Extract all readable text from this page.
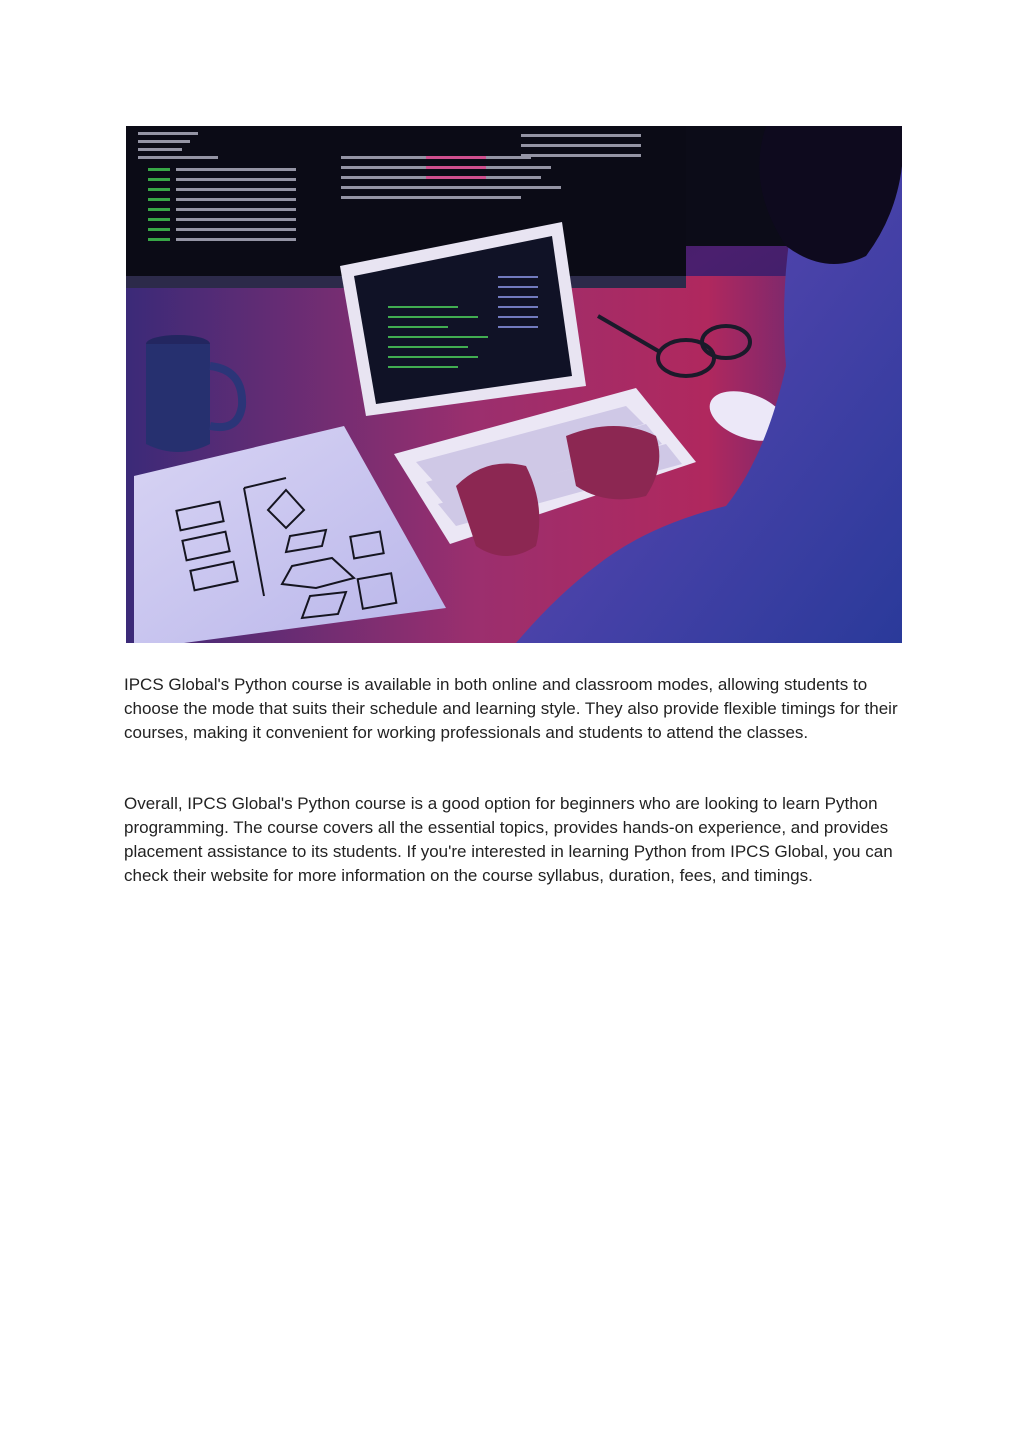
IPCS Global's Python course is available in both online and classroom modes, allowing students to choose the mode that suits their schedule and learning style. They also provide flexible timings for their courses, making it convenient for working professionals and students to attend the classes.

Overall, IPCS Global's Python course is a good option for beginners who are looking to learn Python programming. The course covers all the essential topics, provides hands-on experience, and provides placement assistance to its students. If you're interested in learning Python from IPCS Global, you can check their website for more information on the course syllabus, duration, fees, and timings.
